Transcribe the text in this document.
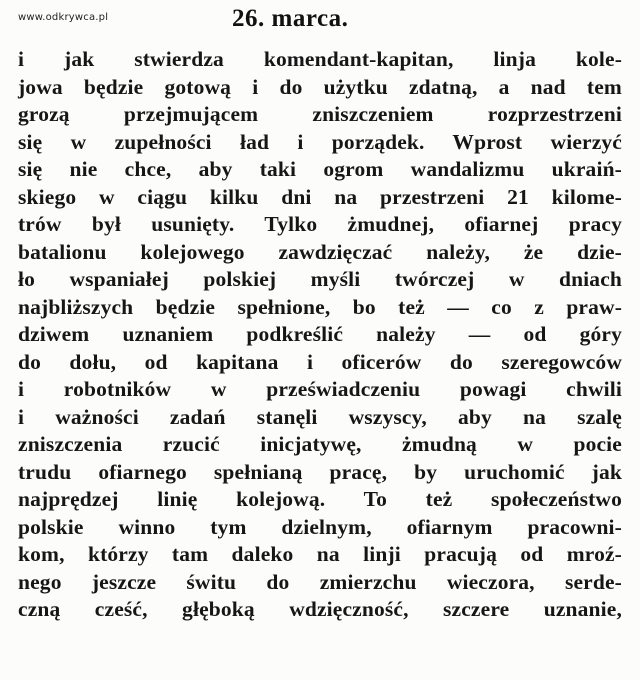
www.odkrywca.pl	26. marca.
i jak stwierdza komendant-kapitan, linja kole-
jowa będzie gotową i do użytku zdatną, a nad tem
grozą przejmującem zniszczeniem rozprzestrzeni
się w zupełności ład i porządek. Wprost wierzyć
się nie chce, aby taki ogrom wandalizmu ukraiń-
skiego w ciągu kilku dni na przestrzeni 21 kilome-
trów był usunięty. Tylko żmudnej, ofiarnej pracy
batalionu kolejowego zawdzięczać należy, że dzie-
ło wspaniałej polskiej myśli twórczej w dniach
najbliższych będzie spełnione, bo też — co z praw-
dziwem uznaniem podkreślić należy — od góry
do dołu, od kapitana i oficerów do szeregowców
i robotników w przeświadczeniu powagi chwili
i ważności zadań stanęli wszyscy, aby na szalę
zniszczenia rzucić inicjatywę, żmudną w pocie
trudu ofiarnego spełnianą pracę, by uruchomić jak
najprędzej linię kolejową. To też społeczeństwo
polskie winno tym dzielnym, ofiarnym pracowni-
kom, którzy tam daleko na linji pracują od mroź-
nego jeszcze świtu do zmierzchu wieczora, serde-
czną cześć, głęboką wdzięczność, szczere uznanie,
